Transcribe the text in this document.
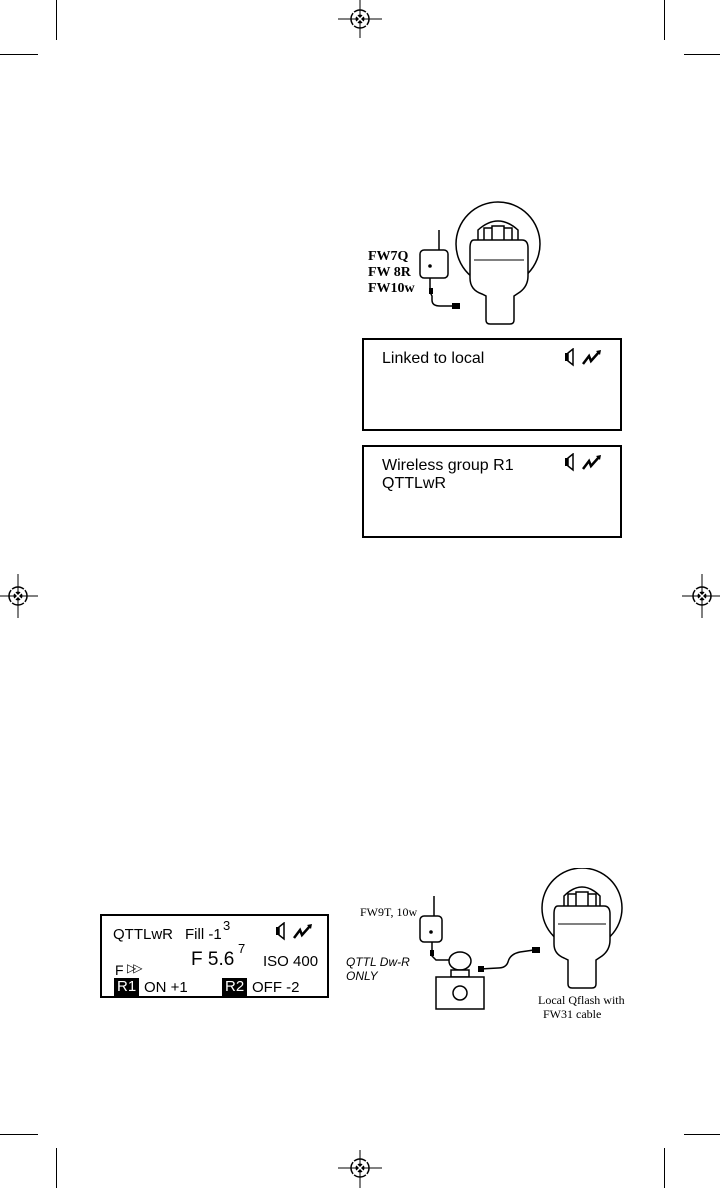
FW7Q
FW 8R
FW10w
Linked to local
Wireless group R1
QTTLwR
QTTLwR Fill -1
3
F 5.6
7
ISO 400
F ▷▷
R1 ON +1 R2 OFF -2
FW9T, 10w
QTTL Dw-R
ONLY
Local Qflash with
FW31 cable
